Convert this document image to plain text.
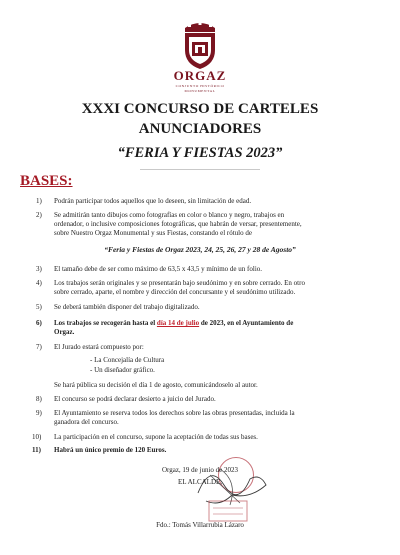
ORGAZ
CONJUNTO HISTÓRICO
MONUMENTAL
XXXI CONCURSO DE CARTELES
ANUNCIADORES
“FERIA Y FIESTAS 2023”
BASES:
1) Podrán participar todos aquellos que lo deseen, sin limitación de edad.
2) Se admitirán tanto dibujos como fotografías en color o blanco y negro, trabajos en
ordenador, o inclusive composiciones fotográficas, que habrán de versar, presentemente,
sobre Nuestro Orgaz Monumental y sus Fiestas, constando el rótulo de
“Feria y Fiestas de Orgaz 2023, 24, 25, 26, 27 y 28 de Agosto”
3) El tamaño debe de ser como máximo de 63,5 x 43,5 y mínimo de un folio.
4) Los trabajos serán originales y se presentarán bajo seudónimo y en sobre cerrado. En otro
sobre cerrado, aparte, el nombre y dirección del concursante y el seudónimo utilizado.
5) Se deberá también disponer del trabajo digitalizado.
6) Los trabajos se recogerán hasta el día 14 de julio de 2023, en el Ayuntamiento de
Orgaz.
7) El Jurado estará compuesto por:
- La Concejalía de Cultura
- Un diseñador gráfico.
Se hará pública su decisión el día 1 de agosto, comunicándoselo al autor.
8) El concurso se podrá declarar desierto a juicio del Jurado.
9) El Ayuntamiento se reserva todos los derechos sobre las obras presentadas, incluida la
ganadora del concurso.
10) La participación en el concurso, supone la aceptación de todas sus bases.
11) Habrá un único premio de 120 Euros.
Orgaz, 19 de junio de 2023
EL ALCALDE,
Fdo.: Tomás Villarrubia Lázaro
